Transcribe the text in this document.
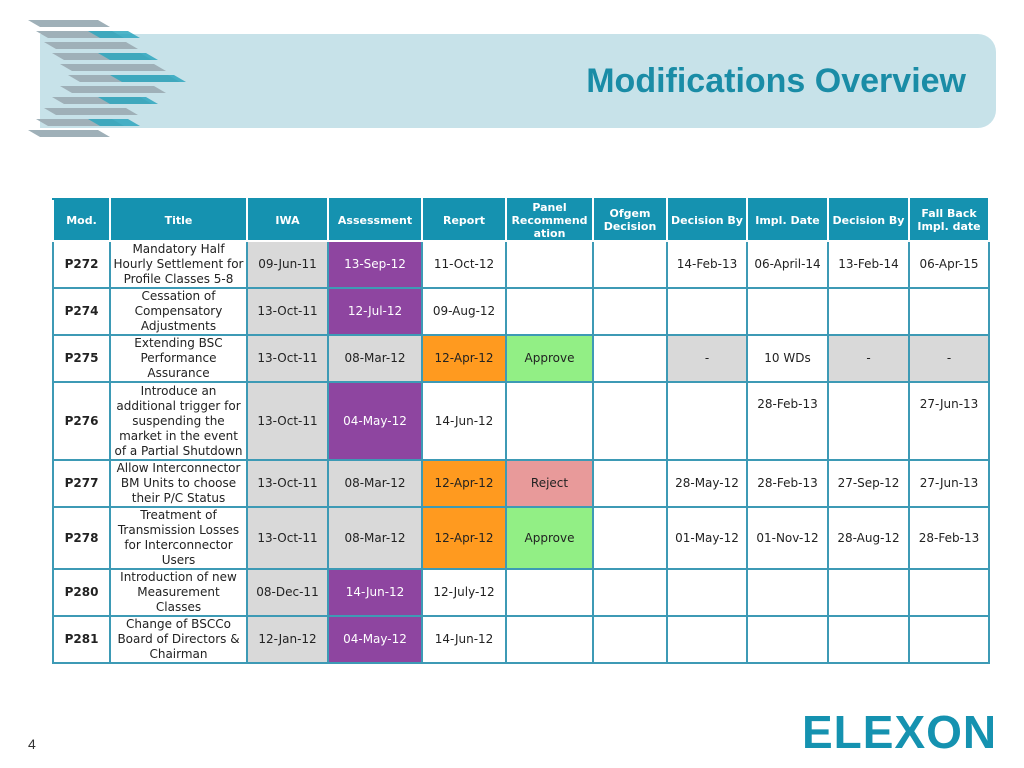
Modifications Overview
Mod.	Title	IWA	Assessment	Report	Panel Recommend ation	Ofgem Decision	Decision By	Impl. Date	Decision By	Fall Back Impl. date
P272	Mandatory Half Hourly Settlement for Profile Classes 5-8	09-Jun-11	13-Sep-12	11-Oct-12			14-Feb-13	06-April-14	13-Feb-14	06-Apr-15
P274	Cessation of Compensatory Adjustments	13-Oct-11	12-Jul-12	09-Aug-12						
P275	Extending BSC Performance Assurance	13-Oct-11	08-Mar-12	12-Apr-12	Approve		-	10 WDs	-	-
P276	Introduce an additional trigger for suspending the market in the event of a Partial Shutdown	13-Oct-11	04-May-12	14-Jun-12				28-Feb-13		27-Jun-13
P277	Allow Interconnector BM Units to choose their P/C Status	13-Oct-11	08-Mar-12	12-Apr-12	Reject		28-May-12	28-Feb-13	27-Sep-12	27-Jun-13
P278	Treatment of Transmission Losses for Interconnector Users	13-Oct-11	08-Mar-12	12-Apr-12	Approve		01-May-12	01-Nov-12	28-Aug-12	28-Feb-13
P280	Introduction of new Measurement Classes	08-Dec-11	14-Jun-12	12-July-12						
P281	Change of BSCCo Board of Directors & Chairman	12-Jan-12	04-May-12	14-Jun-12						
4	ELEXON
